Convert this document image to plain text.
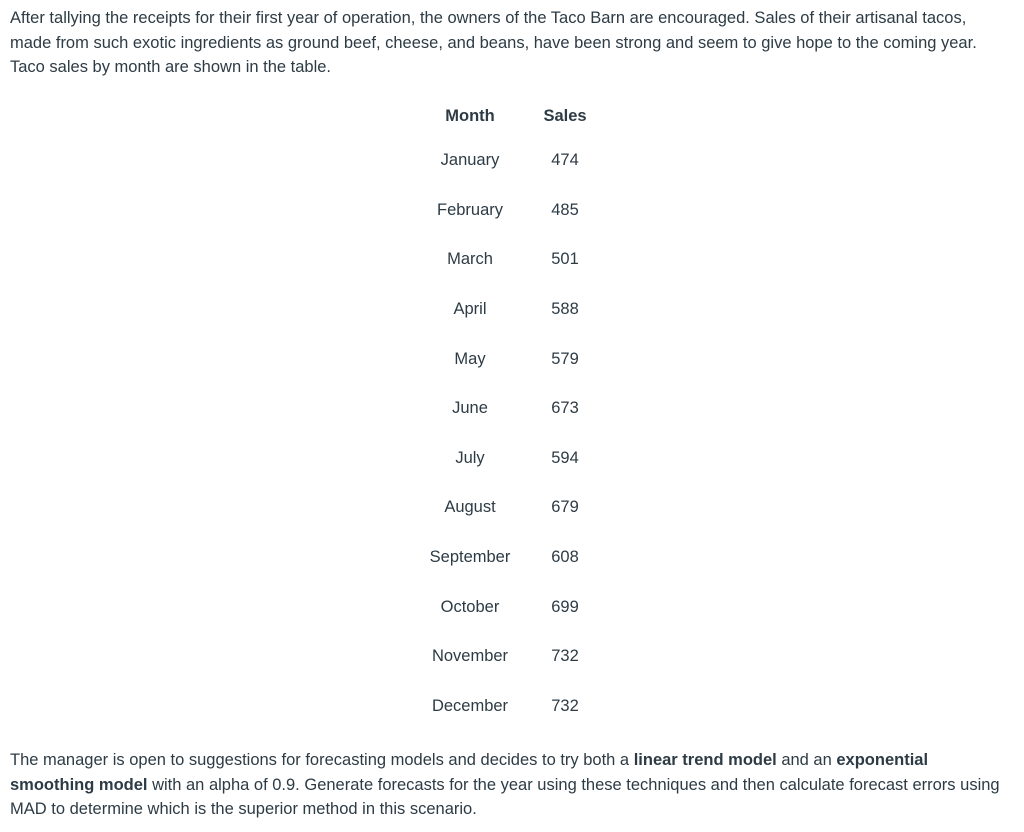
After tallying the receipts for their first year of operation, the owners of the Taco Barn are encouraged. Sales of their artisanal tacos, made from such exotic ingredients as ground beef, cheese, and beans, have been strong and seem to give hope to the coming year. Taco sales by month are shown in the table.

Month	Sales
January	474
February	485
March	501
April	588
May	579
June	673
July	594
August	679
September	608
October	699
November	732
December	732

The manager is open to suggestions for forecasting models and decides to try both a linear trend model and an exponential smoothing model with an alpha of 0.9. Generate forecasts for the year using these techniques and then calculate forecast errors using MAD to determine which is the superior method in this scenario.
